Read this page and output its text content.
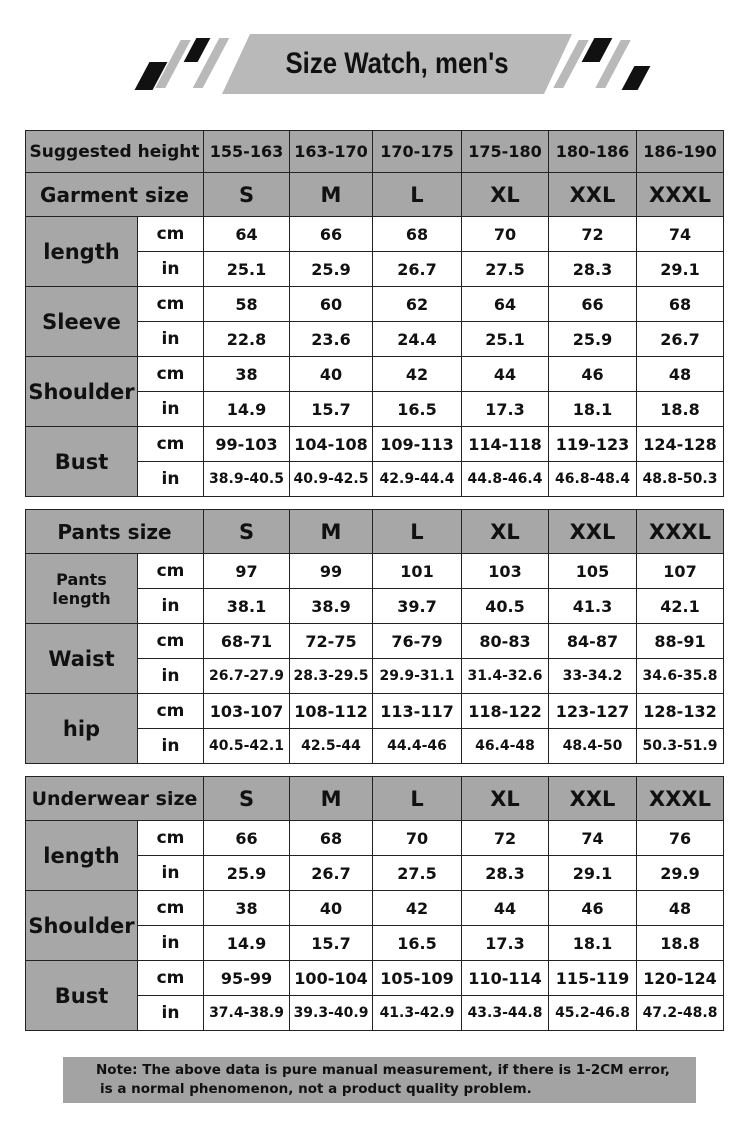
Size Watch, men's
Suggested height		155-163	163-170	170-175	175-180	180-186	186-190
Garment size		S	M	L	XL	XXL	XXXL
length	cm	64	66	68	70	72	74
	in	25.1	25.9	26.7	27.5	28.3	29.1
Sleeve	cm	58	60	62	64	66	68
	in	22.8	23.6	24.4	25.1	25.9	26.7
Shoulder	cm	38	40	42	44	46	48
	in	14.9	15.7	16.5	17.3	18.1	18.8
Bust	cm	99-103	104-108	109-113	114-118	119-123	124-128
	in	38.9-40.5	40.9-42.5	42.9-44.4	44.8-46.4	46.8-48.4	48.8-50.3
Pants size		S	M	L	XL	XXL	XXXL
Pants length	cm	97	99	101	103	105	107
	in	38.1	38.9	39.7	40.5	41.3	42.1
Waist	cm	68-71	72-75	76-79	80-83	84-87	88-91
	in	26.7-27.9	28.3-29.5	29.9-31.1	31.4-32.6	33-34.2	34.6-35.8
hip	cm	103-107	108-112	113-117	118-122	123-127	128-132
	in	40.5-42.1	42.5-44	44.4-46	46.4-48	48.4-50	50.3-51.9
Underwear size		S	M	L	XL	XXL	XXXL
length	cm	66	68	70	72	74	76
	in	25.9	26.7	27.5	28.3	29.1	29.9
Shoulder	cm	38	40	42	44	46	48
	in	14.9	15.7	16.5	17.3	18.1	18.8
Bust	cm	95-99	100-104	105-109	110-114	115-119	120-124
	in	37.4-38.9	39.3-40.9	41.3-42.9	43.3-44.8	45.2-46.8	47.2-48.8
Note: The above data is pure manual measurement, if there is 1-2CM error,
is a normal phenomenon, not a product quality problem.
